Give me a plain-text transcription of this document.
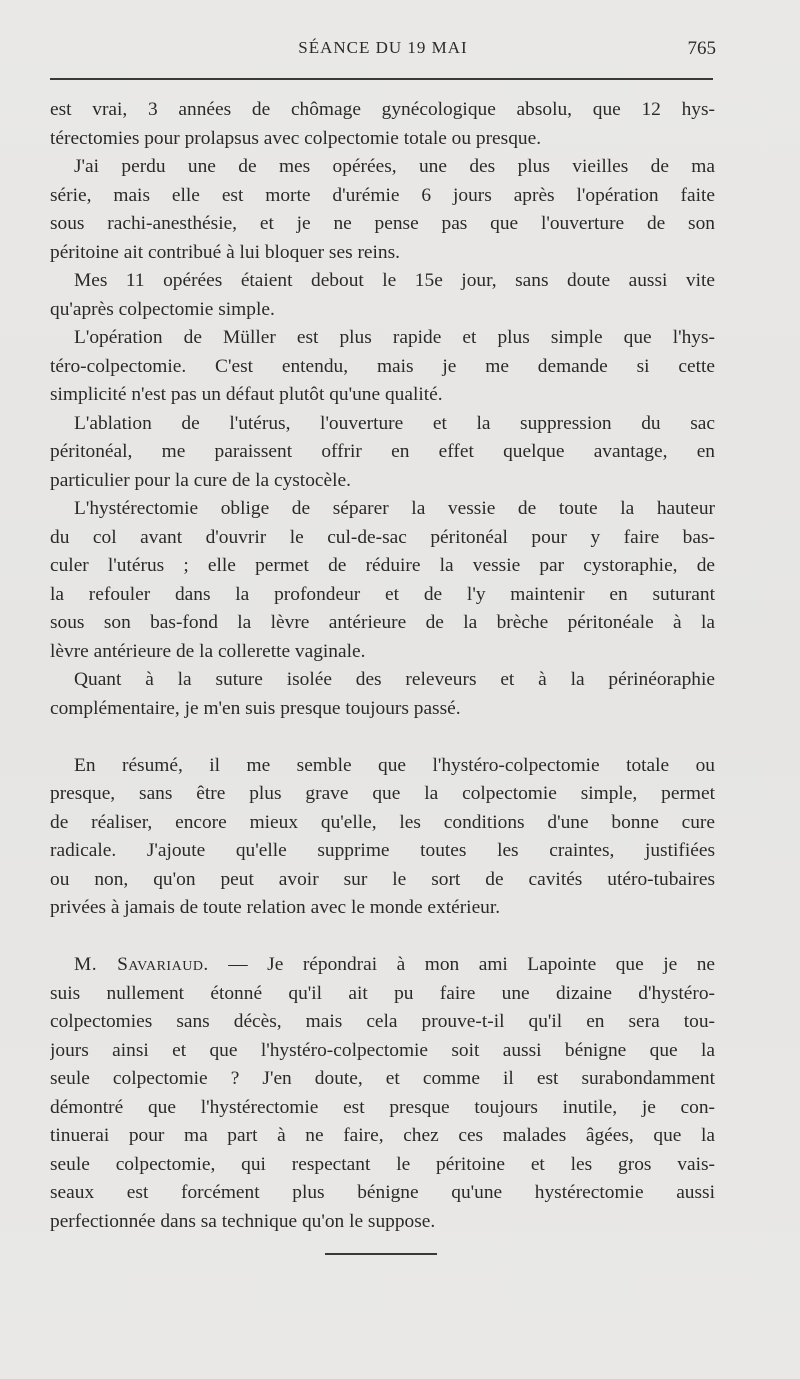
SÉANCE DU 19 MAI	765
est vrai, 3 années de chômage gynécologique absolu, que 12 hys-
térectomies pour prolapsus avec colpectomie totale ou presque.
J'ai perdu une de mes opérées, une des plus vieilles de ma
série, mais elle est morte d'urémie 6 jours après l'opération faite
sous rachi-anesthésie, et je ne pense pas que l'ouverture de son
péritoine ait contribué à lui bloquer ses reins.
Mes 11 opérées étaient debout le 15e jour, sans doute aussi vite
qu'après colpectomie simple.
L'opération de Müller est plus rapide et plus simple que l'hys-
téro-colpectomie. C'est entendu, mais je me demande si cette
simplicité n'est pas un défaut plutôt qu'une qualité.
L'ablation de l'utérus, l'ouverture et la suppression du sac
péritonéal, me paraissent offrir en effet quelque avantage, en
particulier pour la cure de la cystocèle.
L'hystérectomie oblige de séparer la vessie de toute la hauteur
du col avant d'ouvrir le cul-de-sac péritonéal pour y faire bas-
culer l'utérus ; elle permet de réduire la vessie par cystoraphie, de
la refouler dans la profondeur et de l'y maintenir en suturant
sous son bas-fond la lèvre antérieure de la brèche péritonéale à la
lèvre antérieure de la collerette vaginale.
Quant à la suture isolée des releveurs et à la périnéoraphie
complémentaire, je m'en suis presque toujours passé.
En résumé, il me semble que l'hystéro-colpectomie totale ou
presque, sans être plus grave que la colpectomie simple, permet
de réaliser, encore mieux qu'elle, les conditions d'une bonne cure
radicale. J'ajoute qu'elle supprime toutes les craintes, justifiées
ou non, qu'on peut avoir sur le sort de cavités utéro-tubaires
privées à jamais de toute relation avec le monde extérieur.
M. Savariaud. — Je répondrai à mon ami Lapointe que je ne
suis nullement étonné qu'il ait pu faire une dizaine d'hystéro-
colpectomies sans décès, mais cela prouve-t-il qu'il en sera tou-
jours ainsi et que l'hystéro-colpectomie soit aussi bénigne que la
seule colpectomie ? J'en doute, et comme il est surabondamment
démontré que l'hystérectomie est presque toujours inutile, je con-
tinuerai pour ma part à ne faire, chez ces malades âgées, que la
seule colpectomie, qui respectant le péritoine et les gros vais-
seaux est forcément plus bénigne qu'une hystérectomie aussi
perfectionnée dans sa technique qu'on le suppose.
